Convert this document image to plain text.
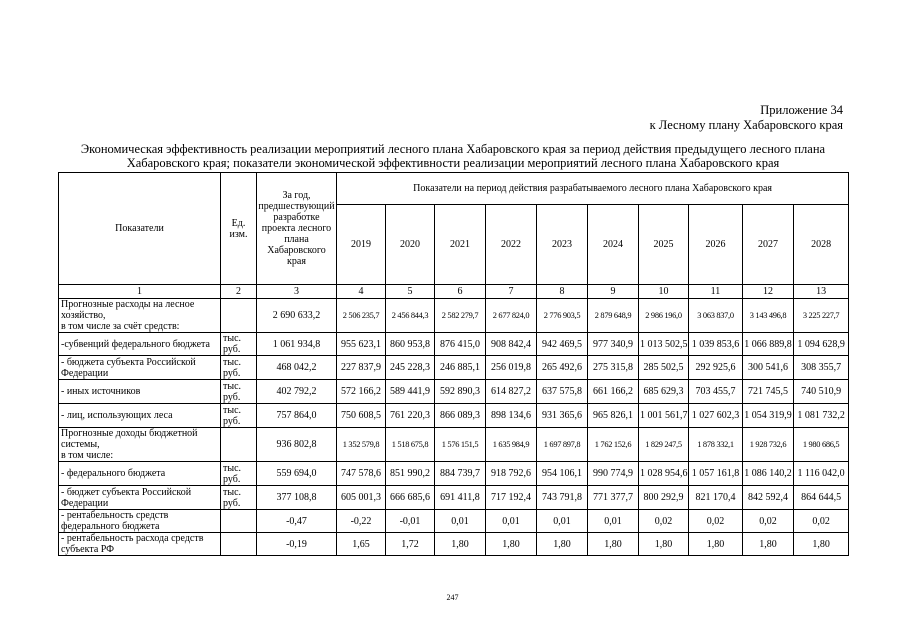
Приложение 34
к Лесному плану Хабаровского края
Экономическая эффективность реализации мероприятий лесного плана Хабаровского края за период действия предыдущего лесного плана Хабаровского края; показатели экономической эффективности реализации мероприятий лесного плана Хабаровского края
Показатели	Ед. изм.	За год, предшествующий разработке проекта лесного плана Хабаровского края	Показатели на период действия разрабатываемого лесного плана Хабаровского края									
			2019	2020	2021	2022	2023	2024	2025	2026	2027	2028
1	2	3	4	5	6	7	8	9	10	11	12	13
Прогнозные расходы на лесное хозяйство,
в том числе за счёт средств:		2 690 633,2	2 506 235,7	2 456 844,3	2 582 279,7	2 677 824,0	2 776 903,5	2 879 648,9	2 986 196,0	3 063 837,0	3 143 496,8	3 225 227,7
-субвенций федерального бюджета	тыс. руб.	1 061 934,8	955 623,1	860 953,8	876 415,0	908 842,4	942 469,5	977 340,9	1 013 502,5	1 039 853,6	1 066 889,8	1 094 628,9
- бюджета субъекта Российской Федерации	тыс. руб.	468 042,2	227 837,9	245 228,3	246 885,1	256 019,8	265 492,6	275 315,8	285 502,5	292 925,6	300 541,6	308 355,7
- иных источников	тыс. руб.	402 792,2	572 166,2	589 441,9	592 890,3	614 827,2	637 575,8	661 166,2	685 629,3	703 455,7	721 745,5	740 510,9
- лиц, использующих леса	тыс. руб.	757 864,0	750 608,5	761 220,3	866 089,3	898 134,6	931 365,6	965 826,1	1 001 561,7	1 027 602,3	1 054 319,9	1 081 732,2
Прогнозные доходы бюджетной системы,
в том числе:		936 802,8	1 352 579,8	1 518 675,8	1 576 151,5	1 635 984,9	1 697 897,8	1 762 152,6	1 829 247,5	1 878 332,1	1 928 732,6	1 980 686,5
- федерального бюджета	тыс. руб.	559 694,0	747 578,6	851 990,2	884 739,7	918 792,6	954 106,1	990 774,9	1 028 954,6	1 057 161,8	1 086 140,2	1 116 042,0
- бюджет субъекта Российской Федерации	тыс. руб.	377 108,8	605 001,3	666 685,6	691 411,8	717 192,4	743 791,8	771 377,7	800 292,9	821 170,4	842 592,4	864 644,5
- рентабельность средств федерального бюджета		-0,47	-0,22	-0,01	0,01	0,01	0,01	0,01	0,02	0,02	0,02	0,02
- рентабельность расхода средств субъекта РФ		-0,19	1,65	1,72	1,80	1,80	1,80	1,80	1,80	1,80	1,80	1,80
247
